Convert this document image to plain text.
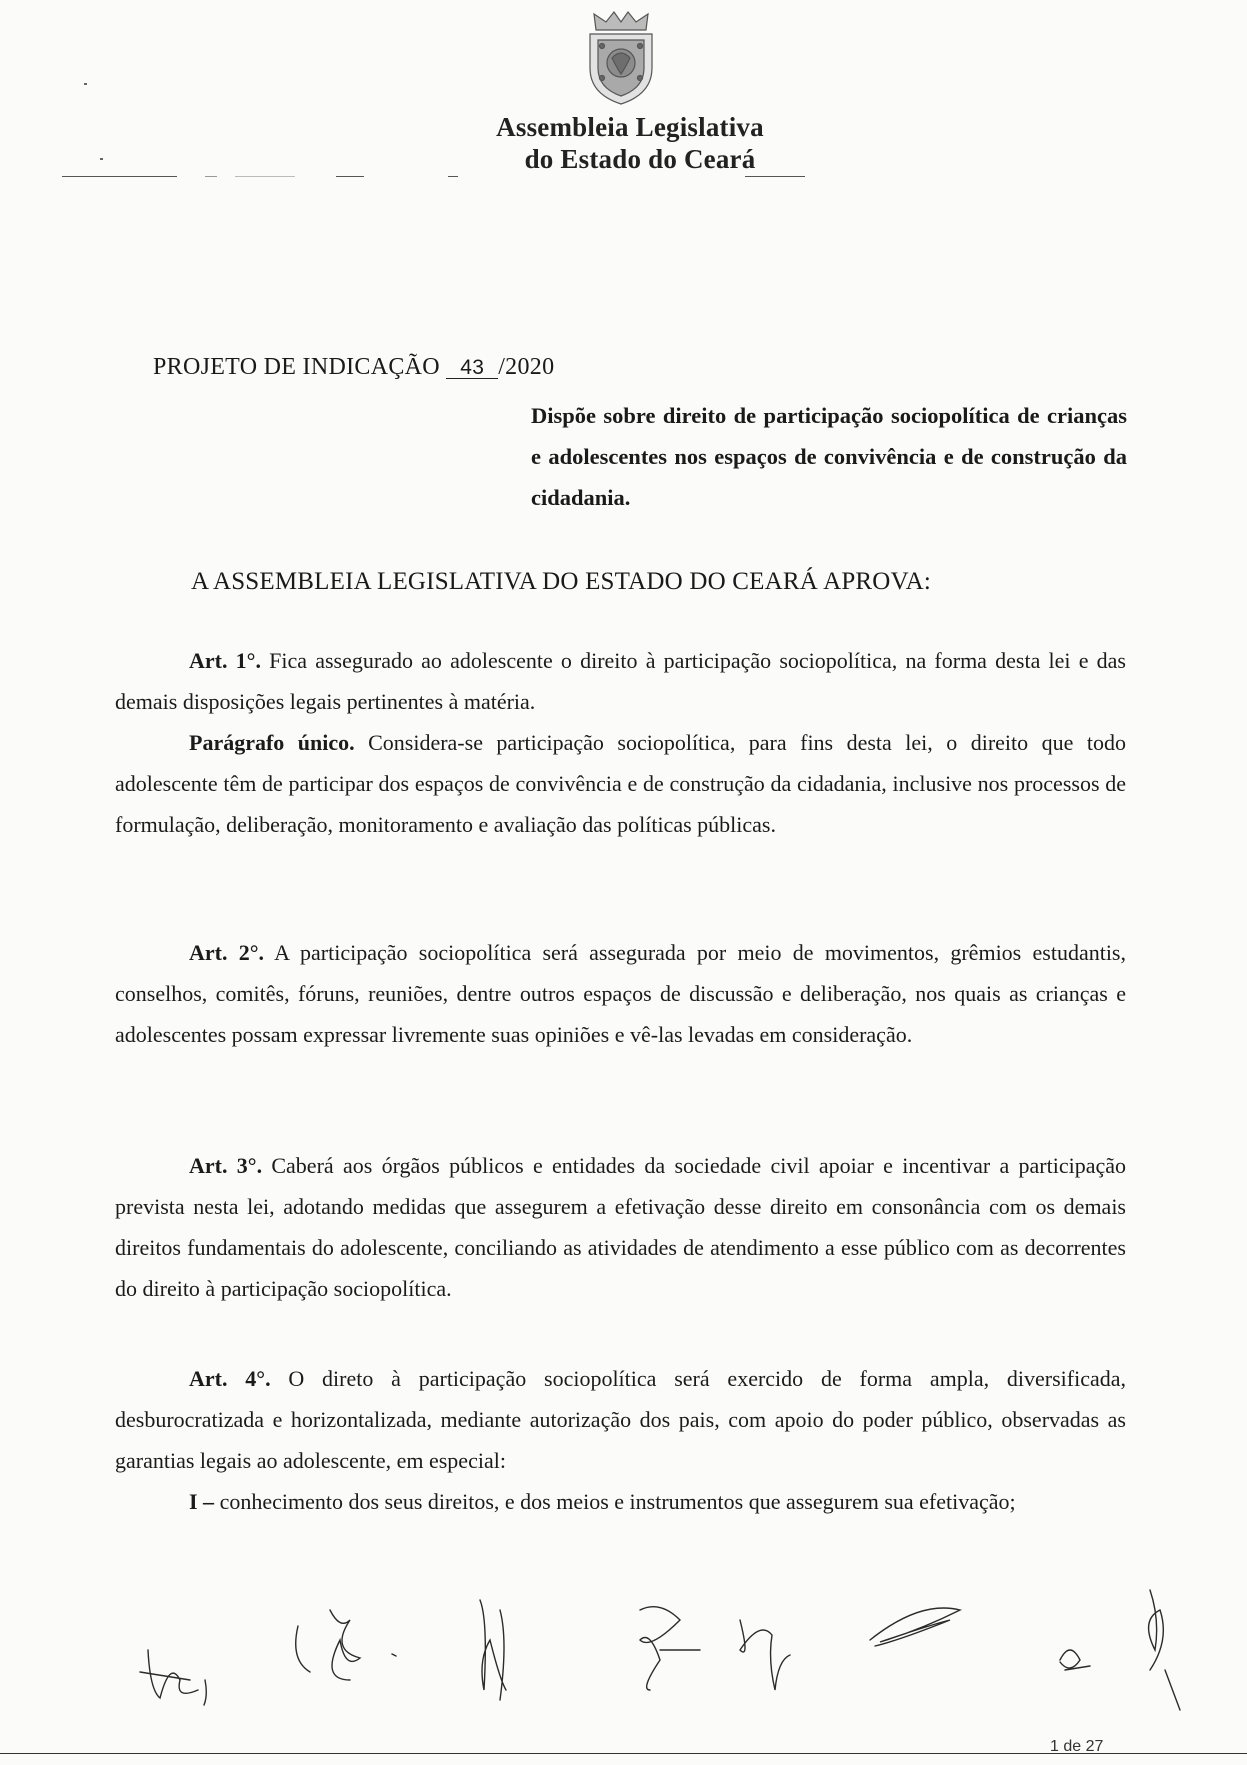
Assembleia Legislativa
do Estado do Ceará
PROJETO DE INDICAÇÃO 43 /2020
Dispõe sobre direito de participação sociopolítica de crianças e adolescentes nos espaços de convivência e de construção da cidadania.
A ASSEMBLEIA LEGISLATIVA DO ESTADO DO CEARÁ APROVA:

Art. 1°. Fica assegurado ao adolescente o direito à participação sociopolítica, na forma desta lei e das demais disposições legais pertinentes à matéria.

Parágrafo único. Considera-se participação sociopolítica, para fins desta lei, o direito que todo adolescente têm de participar dos espaços de convivência e de construção da cidadania, inclusive nos processos de formulação, deliberação, monitoramento e avaliação das políticas públicas.

Art. 2°. A participação sociopolítica será assegurada por meio de movimentos, grêmios estudantis, conselhos, comitês, fóruns, reuniões, dentre outros espaços de discussão e deliberação, nos quais as crianças e adolescentes possam expressar livremente suas opiniões e vê-las levadas em consideração.

Art. 3°. Caberá aos órgãos públicos e entidades da sociedade civil apoiar e incentivar a participação prevista nesta lei, adotando medidas que assegurem a efetivação desse direito em consonância com os demais direitos fundamentais do adolescente, conciliando as atividades de atendimento a esse público com as decorrentes do direito à participação sociopolítica.

Art. 4°. O direto à participação sociopolítica será exercido de forma ampla, diversificada, desburocratizada e horizontalizada, mediante autorização dos pais, com apoio do poder público, observadas as garantias legais ao adolescente, em especial:

I – conhecimento dos seus direitos, e dos meios e instrumentos que assegurem sua efetivação;

1 de 27
